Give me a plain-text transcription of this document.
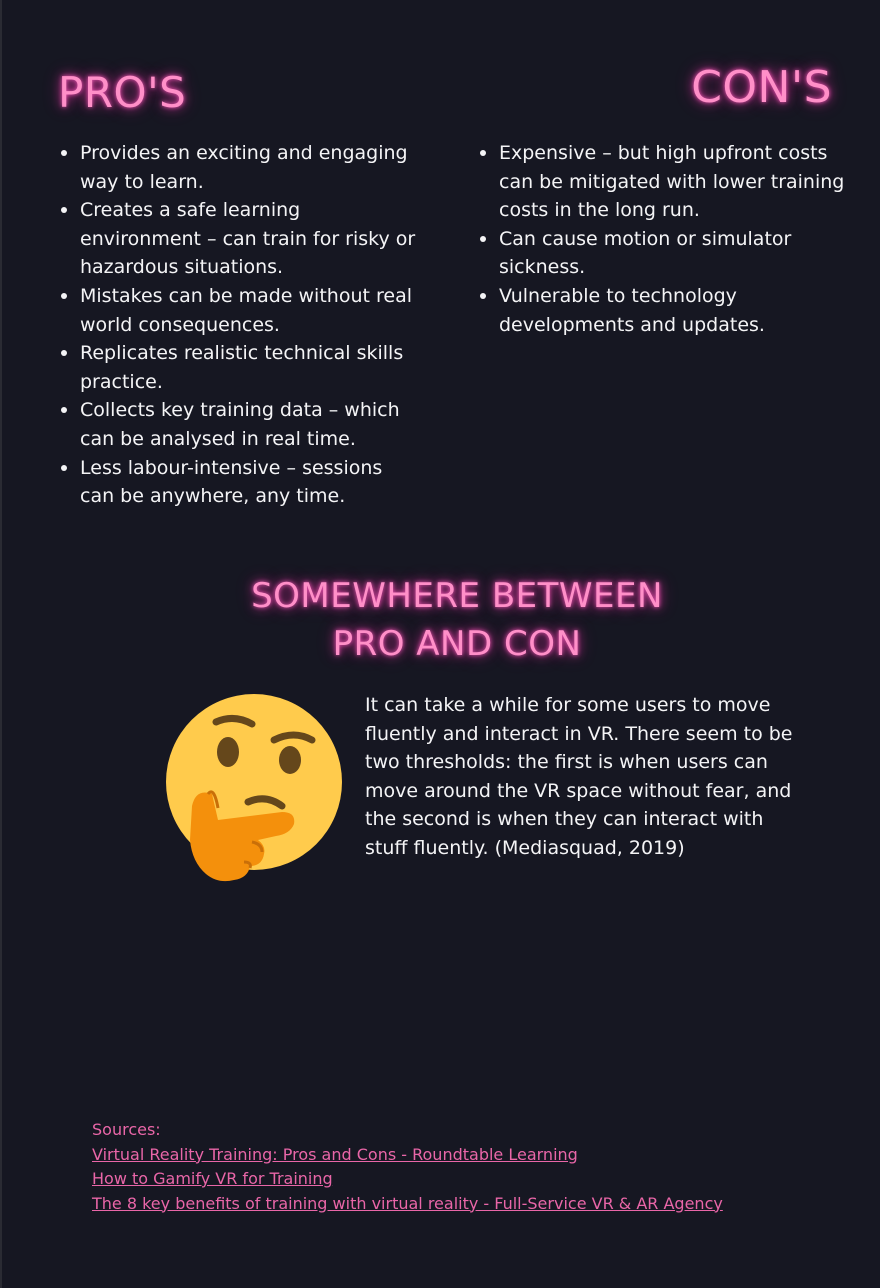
PRO'S	CON'S
Provides an exciting and engaging way to learn.
Creates a safe learning environment – can train for risky or hazardous situations.
Mistakes can be made without real world consequences.
Replicates realistic technical skills practice.
Collects key training data – which can be analysed in real time.
Less labour-intensive – sessions can be anywhere, any time.
Expensive – but high upfront costs can be mitigated with lower training costs in the long run.
Can cause motion or simulator sickness.
Vulnerable to technology developments and updates.
SOMEWHERE BETWEEN
PRO AND CON

It can take a while for some users to move fluently and interact in VR. There seem to be two thresholds: the first is when users can move around the VR space without fear, and the second is when they can interact with stuff fluently. (Mediasquad, 2019)

Sources:
Virtual Reality Training: Pros and Cons - Roundtable Learning
How to Gamify VR for Training
The 8 key benefits of training with virtual reality - Full-Service VR & AR Agency
